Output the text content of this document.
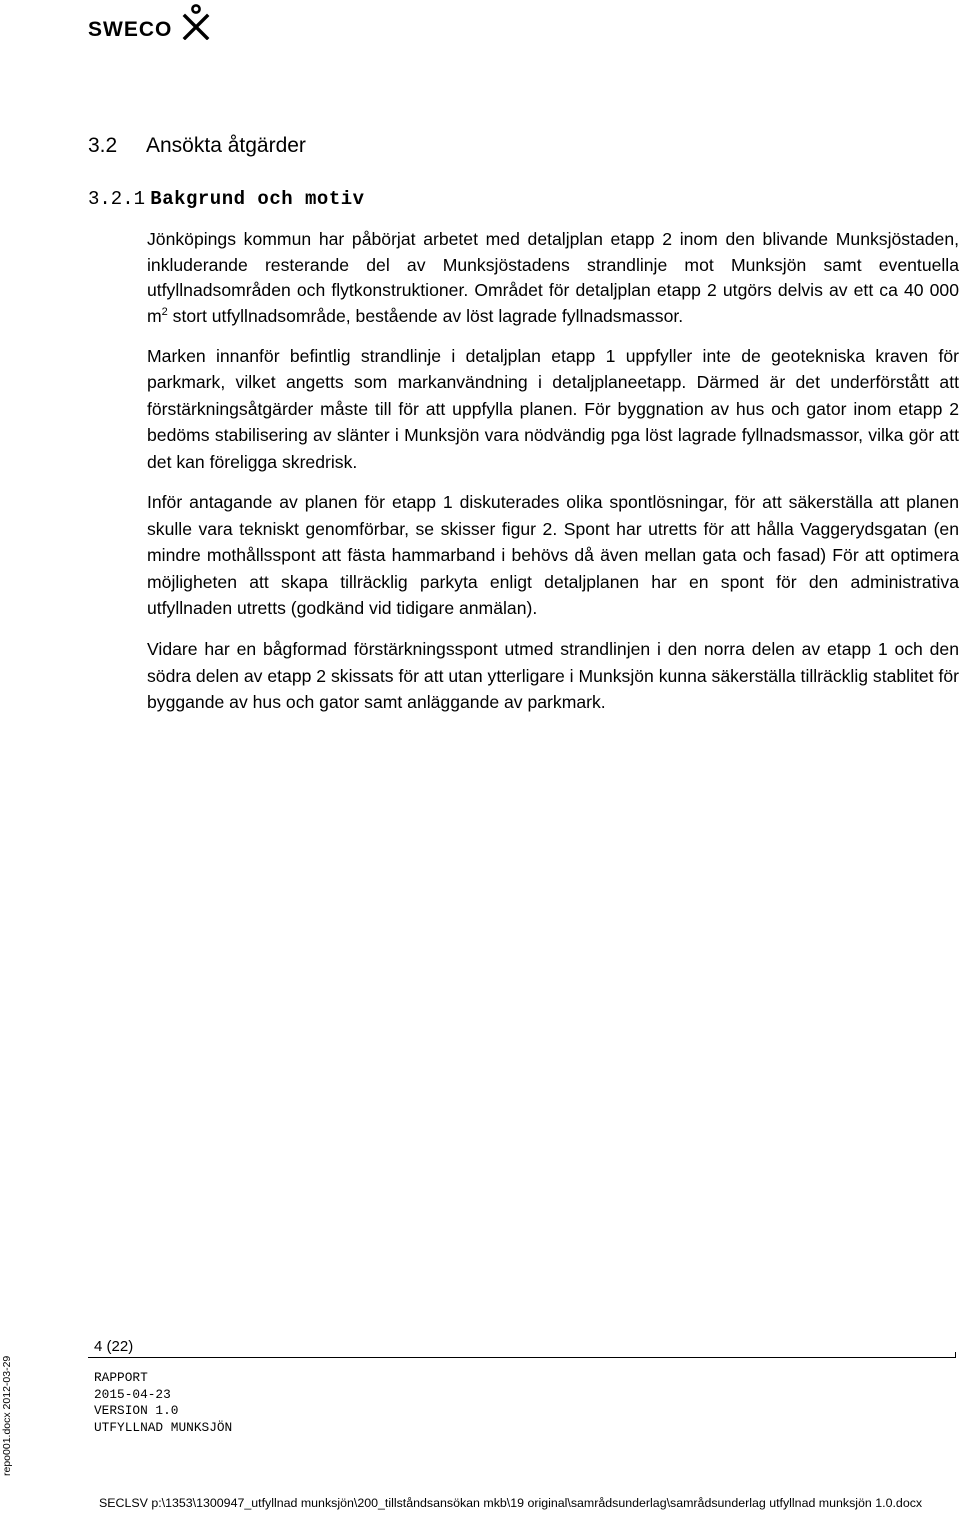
SWECO
3.2 Ansökta åtgärder
3.2.1 Bakgrund och motiv

Jönköpings kommun har påbörjat arbetet med detaljplan etapp 2 inom den blivande Munksjöstaden, inkluderande resterande del av Munksjöstadens strandlinje mot Munksjön samt eventuella utfyllnadsområden och flytkonstruktioner. Området för detaljplan etapp 2 utgörs delvis av ett ca 40 000 $m^2$ stort utfyllnadsområde, bestående av löst lagrade fyllnadsmassor.

Marken innanför befintlig strandlinje i detaljplan etapp 1 uppfyller inte de geotekniska kraven för parkmark, vilket angetts som markanvändning i detaljplaneetapp. Därmed är det underförstått att förstärkningsåtgärder måste till för att uppfylla planen. För byggnation av hus och gator inom etapp 2 bedöms stabilisering av slänter i Munksjön vara nödvändig pga löst lagrade fyllnadsmassor, vilka gör att det kan föreligga skredrisk.

Inför antagande av planen för etapp 1 diskuterades olika spontlösningar, för att säkerställa att planen skulle vara tekniskt genomförbar, se skisser figur 2. Spont har utretts för att hålla Vaggerydsgatan (en mindre mothållsspont att fästa hammarband i behövs då även mellan gata och fasad) För att optimera möjligheten att skapa tillräcklig parkyta enligt detaljplanen har en spont för den administrativa utfyllnaden utretts (godkänd vid tidigare anmälan).

Vidare har en bågformad förstärkningsspont utmed strandlinjen i den norra delen av etapp 1 och den södra delen av etapp 2 skissats för att utan ytterligare i Munksjön kunna säkerställa tillräcklig stablitet för byggande av hus och gator samt anläggande av parkmark.

4 (22)
RAPPORT
2015-04-23
VERSION 1.0
UTFYLLNAD MUNKSJÖN
repo001.docx 2012-03-29
SECLSV p:\1353\1300947_utfyllnad munksjön\200_tillståndsansökan mkb\19 original\samrådsunderlag\samrådsunderlag utfyllnad munksjön 1.0.docx
